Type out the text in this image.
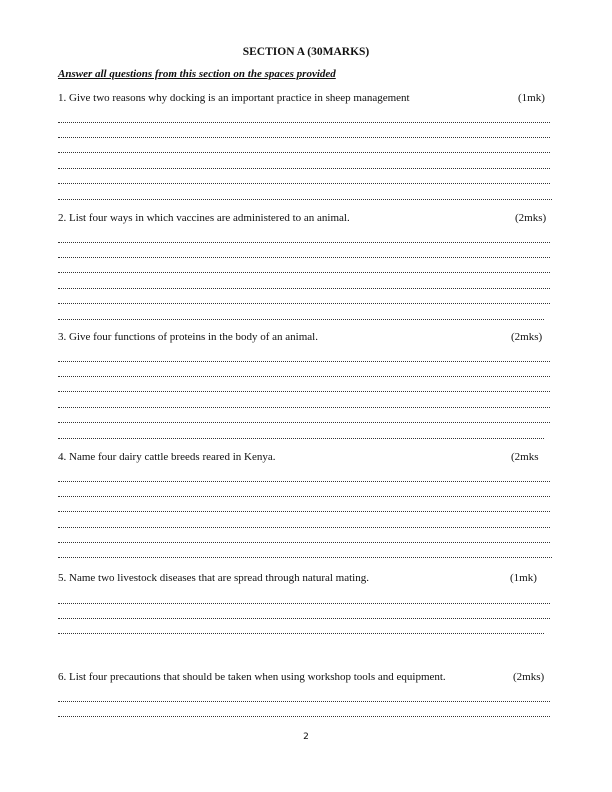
SECTION A (30MARKS)
Answer all questions from this section on the spaces provided
1. Give two reasons why docking is an important practice in sheep management	(1mk)
2. List four ways in which vaccines are administered to an animal.	(2mks)
3. Give four functions of proteins in the body of an animal.	(2mks)
4. Name four dairy cattle breeds reared in Kenya.	(2mks
5. Name two livestock diseases that are spread through natural mating.	(1mk)
6. List four precautions that should be taken when using workshop tools and equipment.	(2mks)
2
